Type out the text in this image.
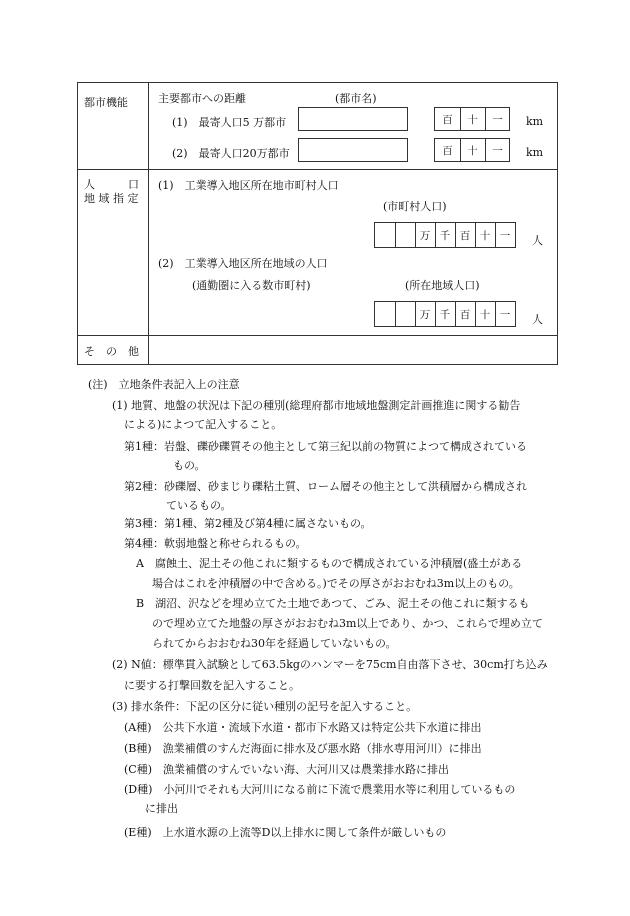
都市機能	主要都市への距離	(都市名)
(1)　最寄人口5 万都市	百	十	一	km
(2)　最寄人口20万都市	百	十	一	km
人　　　口
地 域 指 定
(1)　工業導入地区所在地市町村人口
(市町村人口)
万 千 百 十 一	人
(2)　工業導入地区所在地域の人口
(通勤圏に入る数市町村)	(所在地域人口)
万 千 百 十 一	人
そ　の　他
(注)　立地条件表記入上の注意
(1) 地質、地盤の状況は下記の種別(総理府都市地域地盤測定計画推進に関する勧告
による)によつて記入すること。
第1種：岩盤、礫砂礫質その他主として第三紀以前の物質によつて構成されている
もの。
第2種：砂礫層、砂まじり礫粘土質、ローム層その他主として洪積層から構成され
ているもの。
第3種：第1種、第2種及び第4種に属さないもの。
第4種：軟弱地盤と称せられるもの。
A　腐蝕土、泥土その他これに類するもので構成されている沖積層(盛土がある
場合はこれを沖積層の中で含める。)でその厚さがおおむね3m以上のもの。
B　湖沼、沢などを埋め立てた土地であつて、ごみ、泥土その他これに類するも
ので埋め立てた地盤の厚さがおおむね3m以上であり、かつ、これらで埋め立て
られてからおおむね30年を経過していないもの。
(2) N値：標準貫入試験として63.5kgのハンマーを75cm自由落下させ、30cm打ち込み
に要する打撃回数を記入すること。
(3) 排水条件：下記の区分に従い種別の記号を記入すること。
(A種)　公共下水道・流域下水道・都市下水路又は特定公共下水道に排出
(B種)　漁業補償のすんだ海面に排水及び悪水路（排水専用河川）に排出
(C種)　漁業補償のすんでいない海、大河川又は農業排水路に排出
(D種)　小河川でそれも大河川になる前に下流で農業用水等に利用しているもの
に排出
(E種)　上水道水源の上流等D以上排水に関して条件が厳しいもの
